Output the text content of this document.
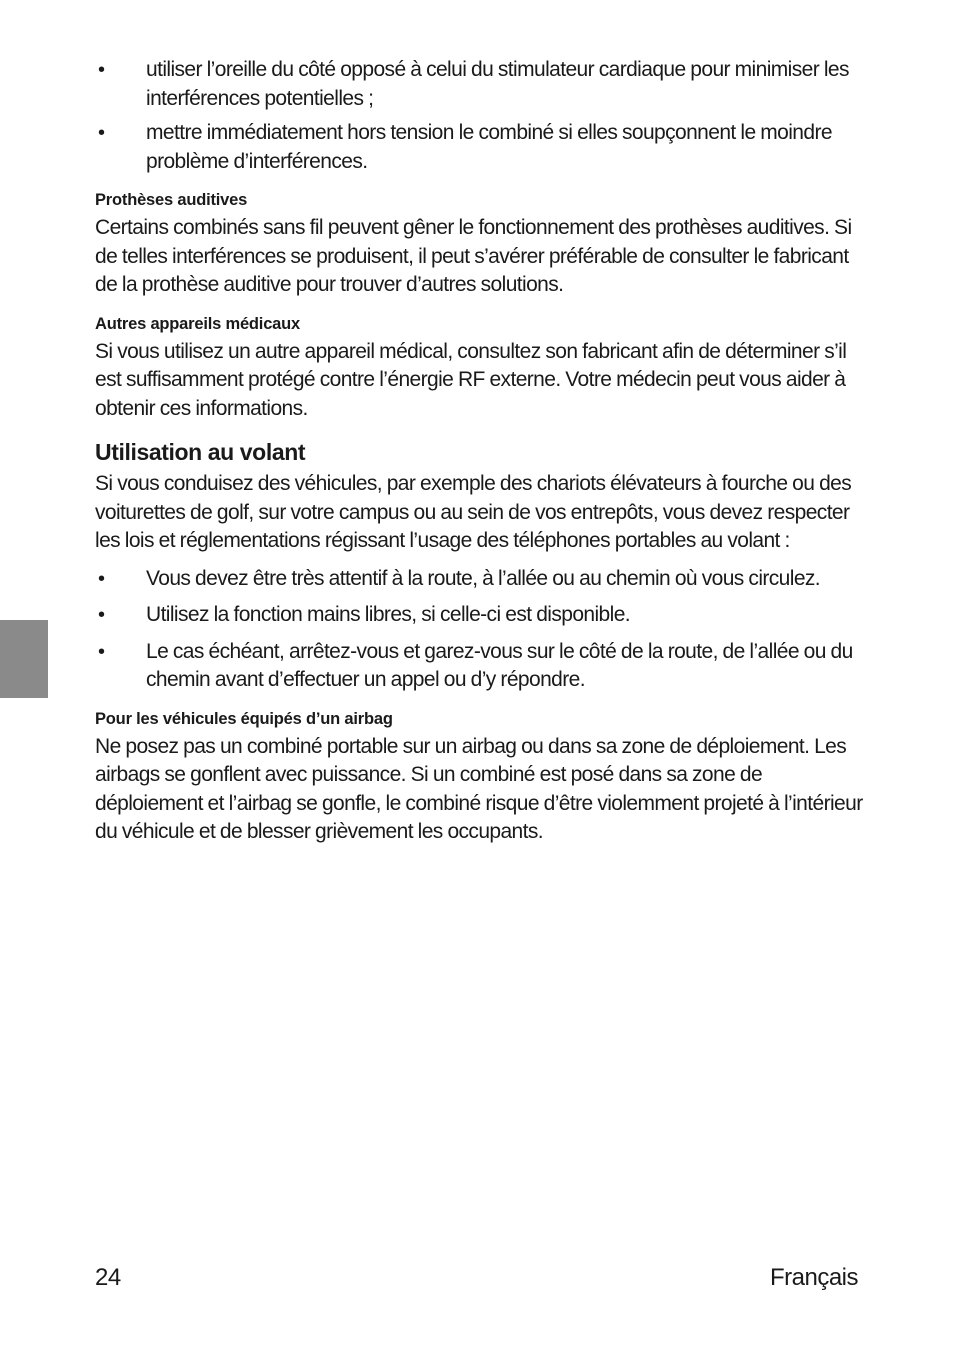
• utiliser l’oreille du côté opposé à celui du stimulateur cardiaque pour minimiser les interférences potentielles ;
• mettre immédiatement hors tension le combiné si elles soupçonnent le moindre problème d’interférences.
Prothèses auditives

Certains combinés sans fil peuvent gêner le fonctionnement des prothèses auditives. Si de telles interférences se produisent, il peut s’avérer préférable de consulter le fabricant de la prothèse auditive pour trouver d’autres solutions.

Autres appareils médicaux

Si vous utilisez un autre appareil médical, consultez son fabricant afin de déterminer s’il est suffisamment protégé contre l’énergie RF externe. Votre médecin peut vous aider à obtenir ces informations.

Utilisation au volant

Si vous conduisez des véhicules, par exemple des chariots élévateurs à fourche ou des voiturettes de golf, sur votre campus ou au sein de vos entrepôts, vous devez respecter les lois et réglementations régissant l’usage des téléphones portables au volant :

• Vous devez être très attentif à la route, à l’allée ou au chemin où vous circulez.
• Utilisez la fonction mains libres, si celle-ci est disponible.
• Le cas échéant, arrêtez-vous et garez-vous sur le côté de la route, de l’allée ou du chemin avant d’effectuer un appel ou d’y répondre.
Pour les véhicules équipés d’un airbag

Ne posez pas un combiné portable sur un airbag ou dans sa zone de déploiement. Les airbags se gonflent avec puissance. Si un combiné est posé dans sa zone de déploiement et l’airbag se gonfle, le combiné risque d’être violemment projeté à l’intérieur du véhicule et de blesser grièvement les occupants.

24	Français
